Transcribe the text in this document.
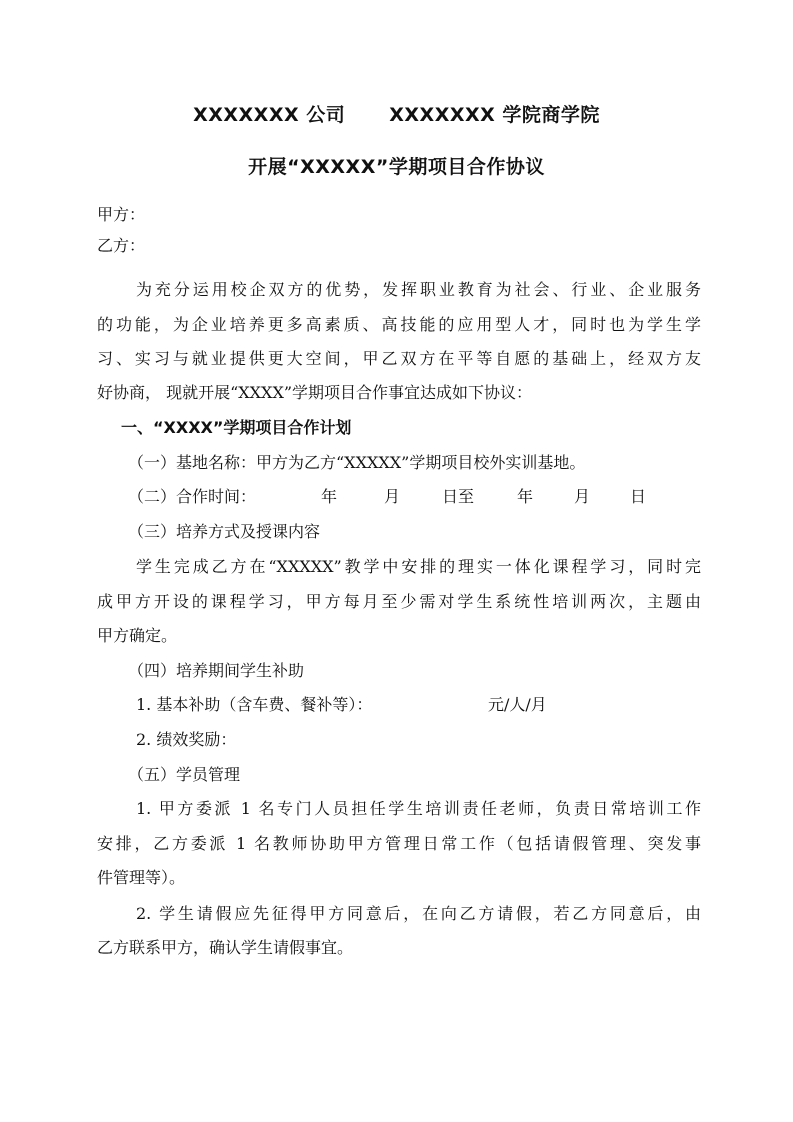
XXXXXXX 公司 XXXXXXX 学院商学院
开展“XXXXX”学期项目合作协议
甲方：
乙方：
为充分运用校企双方的优势，发挥职业教育为社会、行业、企业服务
的功能，为企业培养更多高素质、高技能的应用型人才，同时也为学生学
习、实习与就业提供更大空间，甲乙双方在平等自愿的基础上，经双方友
好协商， 现就开展“XXXX”学期项目合作事宜达成如下协议：
一、“XXXX”学期项目合作计划
（一）基地名称：甲方为乙方“XXXXX”学期项目校外实训基地。
（二）合作时间：	年	月	日至	年	月 日
（三）培养方式及授课内容
学生完成乙方在“XXXXX”教学中安排的理实一体化课程学习，同时完
成甲方开设的课程学习，甲方每月至少需对学生系统性培训两次，主题由
甲方确定。
（四）培养期间学生补助
1. 基本补助（含车费、餐补等）：	元/人/月
2. 绩效奖励：
（五）学员管理
1. 甲方委派 1 名专门人员担任学生培训责任老师，负责日常培训工作
安排，乙方委派 1 名教师协助甲方管理日常工作（包括请假管理、突发事
件管理等）。
2. 学生请假应先征得甲方同意后，在向乙方请假，若乙方同意后，由
乙方联系甲方，确认学生请假事宜。
